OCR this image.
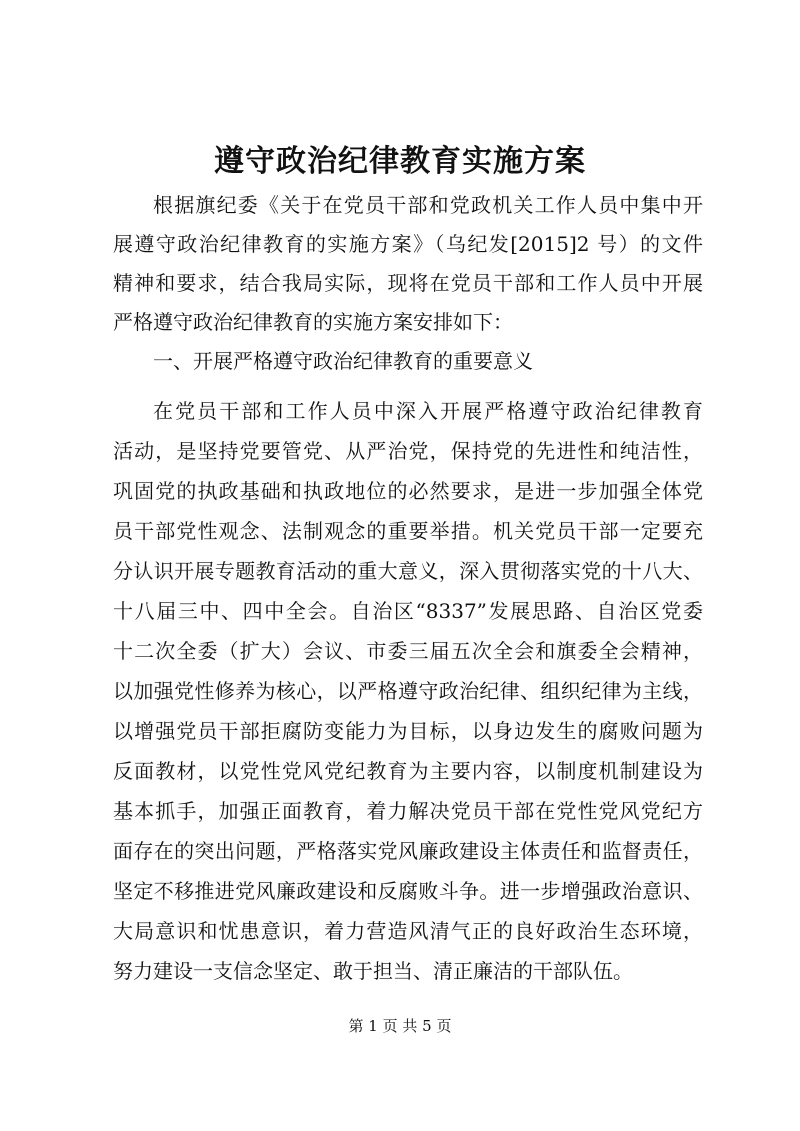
遵守政治纪律教育实施方案
根据旗纪委《关于在党员干部和党政机关工作人员中集中开
展遵守政治纪律教育的实施方案》（乌纪发[2015]2 号）的文件
精神和要求，结合我局实际，现将在党员干部和工作人员中开展
严格遵守政治纪律教育的实施方案安排如下：
一、开展严格遵守政治纪律教育的重要意义
在党员干部和工作人员中深入开展严格遵守政治纪律教育
活动，是坚持党要管党、从严治党，保持党的先进性和纯洁性，
巩固党的执政基础和执政地位的必然要求，是进一步加强全体党
员干部党性观念、法制观念的重要举措。机关党员干部一定要充
分认识开展专题教育活动的重大意义，深入贯彻落实党的十八大、
十八届三中、四中全会。自治区“8337”发展思路、自治区党委
十二次全委（扩大）会议、市委三届五次全会和旗委全会精神，
以加强党性修养为核心，以严格遵守政治纪律、组织纪律为主线，
以增强党员干部拒腐防变能力为目标，以身边发生的腐败问题为
反面教材，以党性党风党纪教育为主要内容，以制度机制建设为
基本抓手，加强正面教育，着力解决党员干部在党性党风党纪方
面存在的突出问题，严格落实党风廉政建设主体责任和监督责任，
坚定不移推进党风廉政建设和反腐败斗争。进一步增强政治意识、
大局意识和忧患意识，着力营造风清气正的良好政治生态环境，
努力建设一支信念坚定、敢于担当、清正廉洁的干部队伍。
第 1 页 共 5 页
